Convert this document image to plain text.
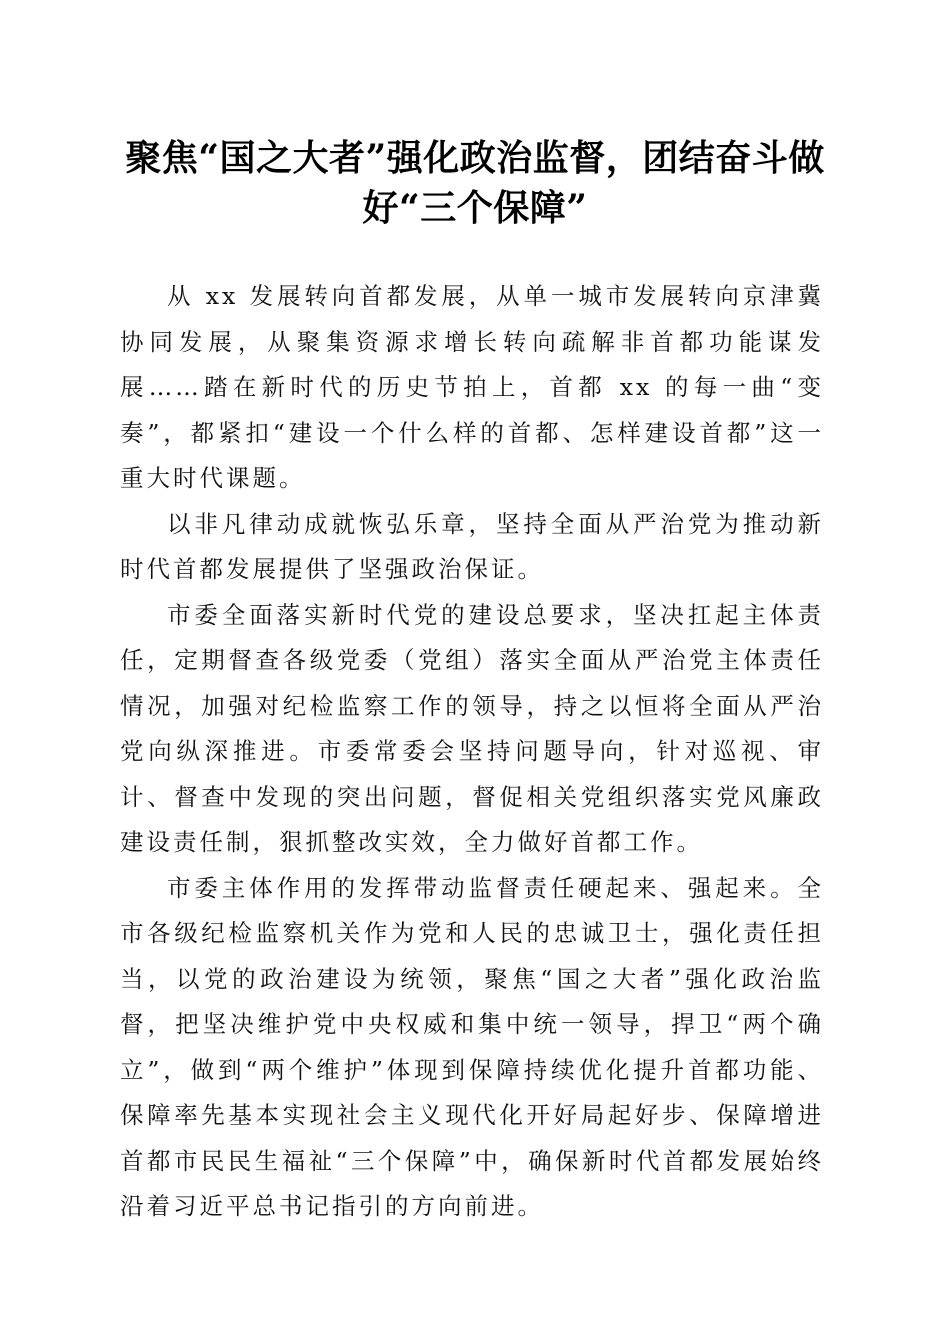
聚焦“国之大者”强化政治监督，团结奋斗做
好“三个保障”

从 xx 发展转向首都发展，从单一城市发展转向京津冀协同发展，从聚集资源求增长转向疏解非首都功能谋发展……踏在新时代的历史节拍上，首都 xx 的每一曲“变奏”，都紧扣“建设一个什么样的首都、怎样建设首都”这一重大时代课题。

以非凡律动成就恢弘乐章，坚持全面从严治党为推动新时代首都发展提供了坚强政治保证。

市委全面落实新时代党的建设总要求，坚决扛起主体责任，定期督查各级党委（党组）落实全面从严治党主体责任情况，加强对纪检监察工作的领导，持之以恒将全面从严治党向纵深推进。市委常委会坚持问题导向，针对巡视、审计、督查中发现的突出问题，督促相关党组织落实党风廉政建设责任制，狠抓整改实效，全力做好首都工作。

市委主体作用的发挥带动监督责任硬起来、强起来。全市各级纪检监察机关作为党和人民的忠诚卫士，强化责任担当，以党的政治建设为统领，聚焦“国之大者”强化政治监督，把坚决维护党中央权威和集中统一领导，捍卫“两个确立”，做到“两个维护”体现到保障持续优化提升首都功能、保障率先基本实现社会主义现代化开好局起好步、保障增进首都市民民生福祉“三个保障”中，确保新时代首都发展始终沿着习近平总书记指引的方向前进。
